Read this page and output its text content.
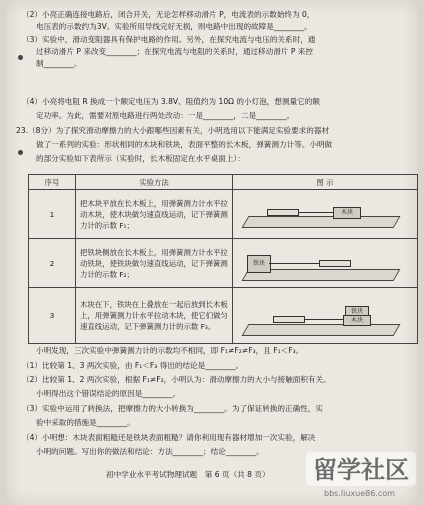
（2）小亮正确连接电路后，闭合开关，无论怎样移动滑片 P，电流表的示数始终为 0，
电压表的示数约为3V。实验所用导线完好无损，则电路中出现的故障是________。
（3）实验中，滑动变阻器具有保护电路的作用。另外，在探究电流与电压的关系时，通
过移动滑片 P 来改变________；在探究电流与电阻的关系时，通过移动滑片 P 来控
制________。
（4）小亮将电阻 R 换成一个额定电压为 3.8V、阻值约为 10Ω 的小灯泡，想测量它的额
定功率。为此，需要对原电路进行两处改动：一是________，二是________。
23.（8分）为了探究滑动摩擦力的大小跟哪些因素有关，小明选用以下能满足实验要求的器材
做了一系列的实验：形状相同的木块和铁块，表面平整的长木板，弹簧测力计等。小明做
的部分实验如下表所示（实验时，长木板固定在水平桌面上）：
序号	实验方法	图 示
1	把木块平放在长木板上，用弹簧测力计水平拉动木块，使木块做匀速直线运动，记下弹簧测力计的示数 F₁；	木块

2	把铁块侧放在长木板上，用弹簧测力计水平拉动铁块，使铁块做匀速直线运动，记下弹簧测力计的示数 F₂；	铁块

3	木块在下，铁块在上叠放在一起后放到长木板上，用弹簧测力计水平拉动木块，使它们做匀速直线运动，记下弹簧测力计的示数 F₃。	铁块
木块
小明发现，三次实验中弹簧测力计的示数均不相同，即 F₁≠F₂≠F₃，且 F₁＜F₃。
（1）比较第 1、3 两次实验，由 F₁＜F₃ 得出的结论是________。
（2）比较第 1、2 两次实验，根据 F₁≠F₂，小明认为：滑动摩擦力的大小与接触面积有关。
小明得出这个错误结论的原因是________。
（3）实验中运用了转换法，把摩擦力的大小转换为________。为了保证转换的正确性，实
验中采取的措施是________。
（4）小明想：木块表面粗糙还是铁块表面粗糙？请你利用现有器材增加一次实验，解决
小明的问题。写出你的做法和结论：方法________；结论________。
初中学业水平考试物理试题　第 6 页（共 8 页） 留学社区
bbs.liuxue86.com
